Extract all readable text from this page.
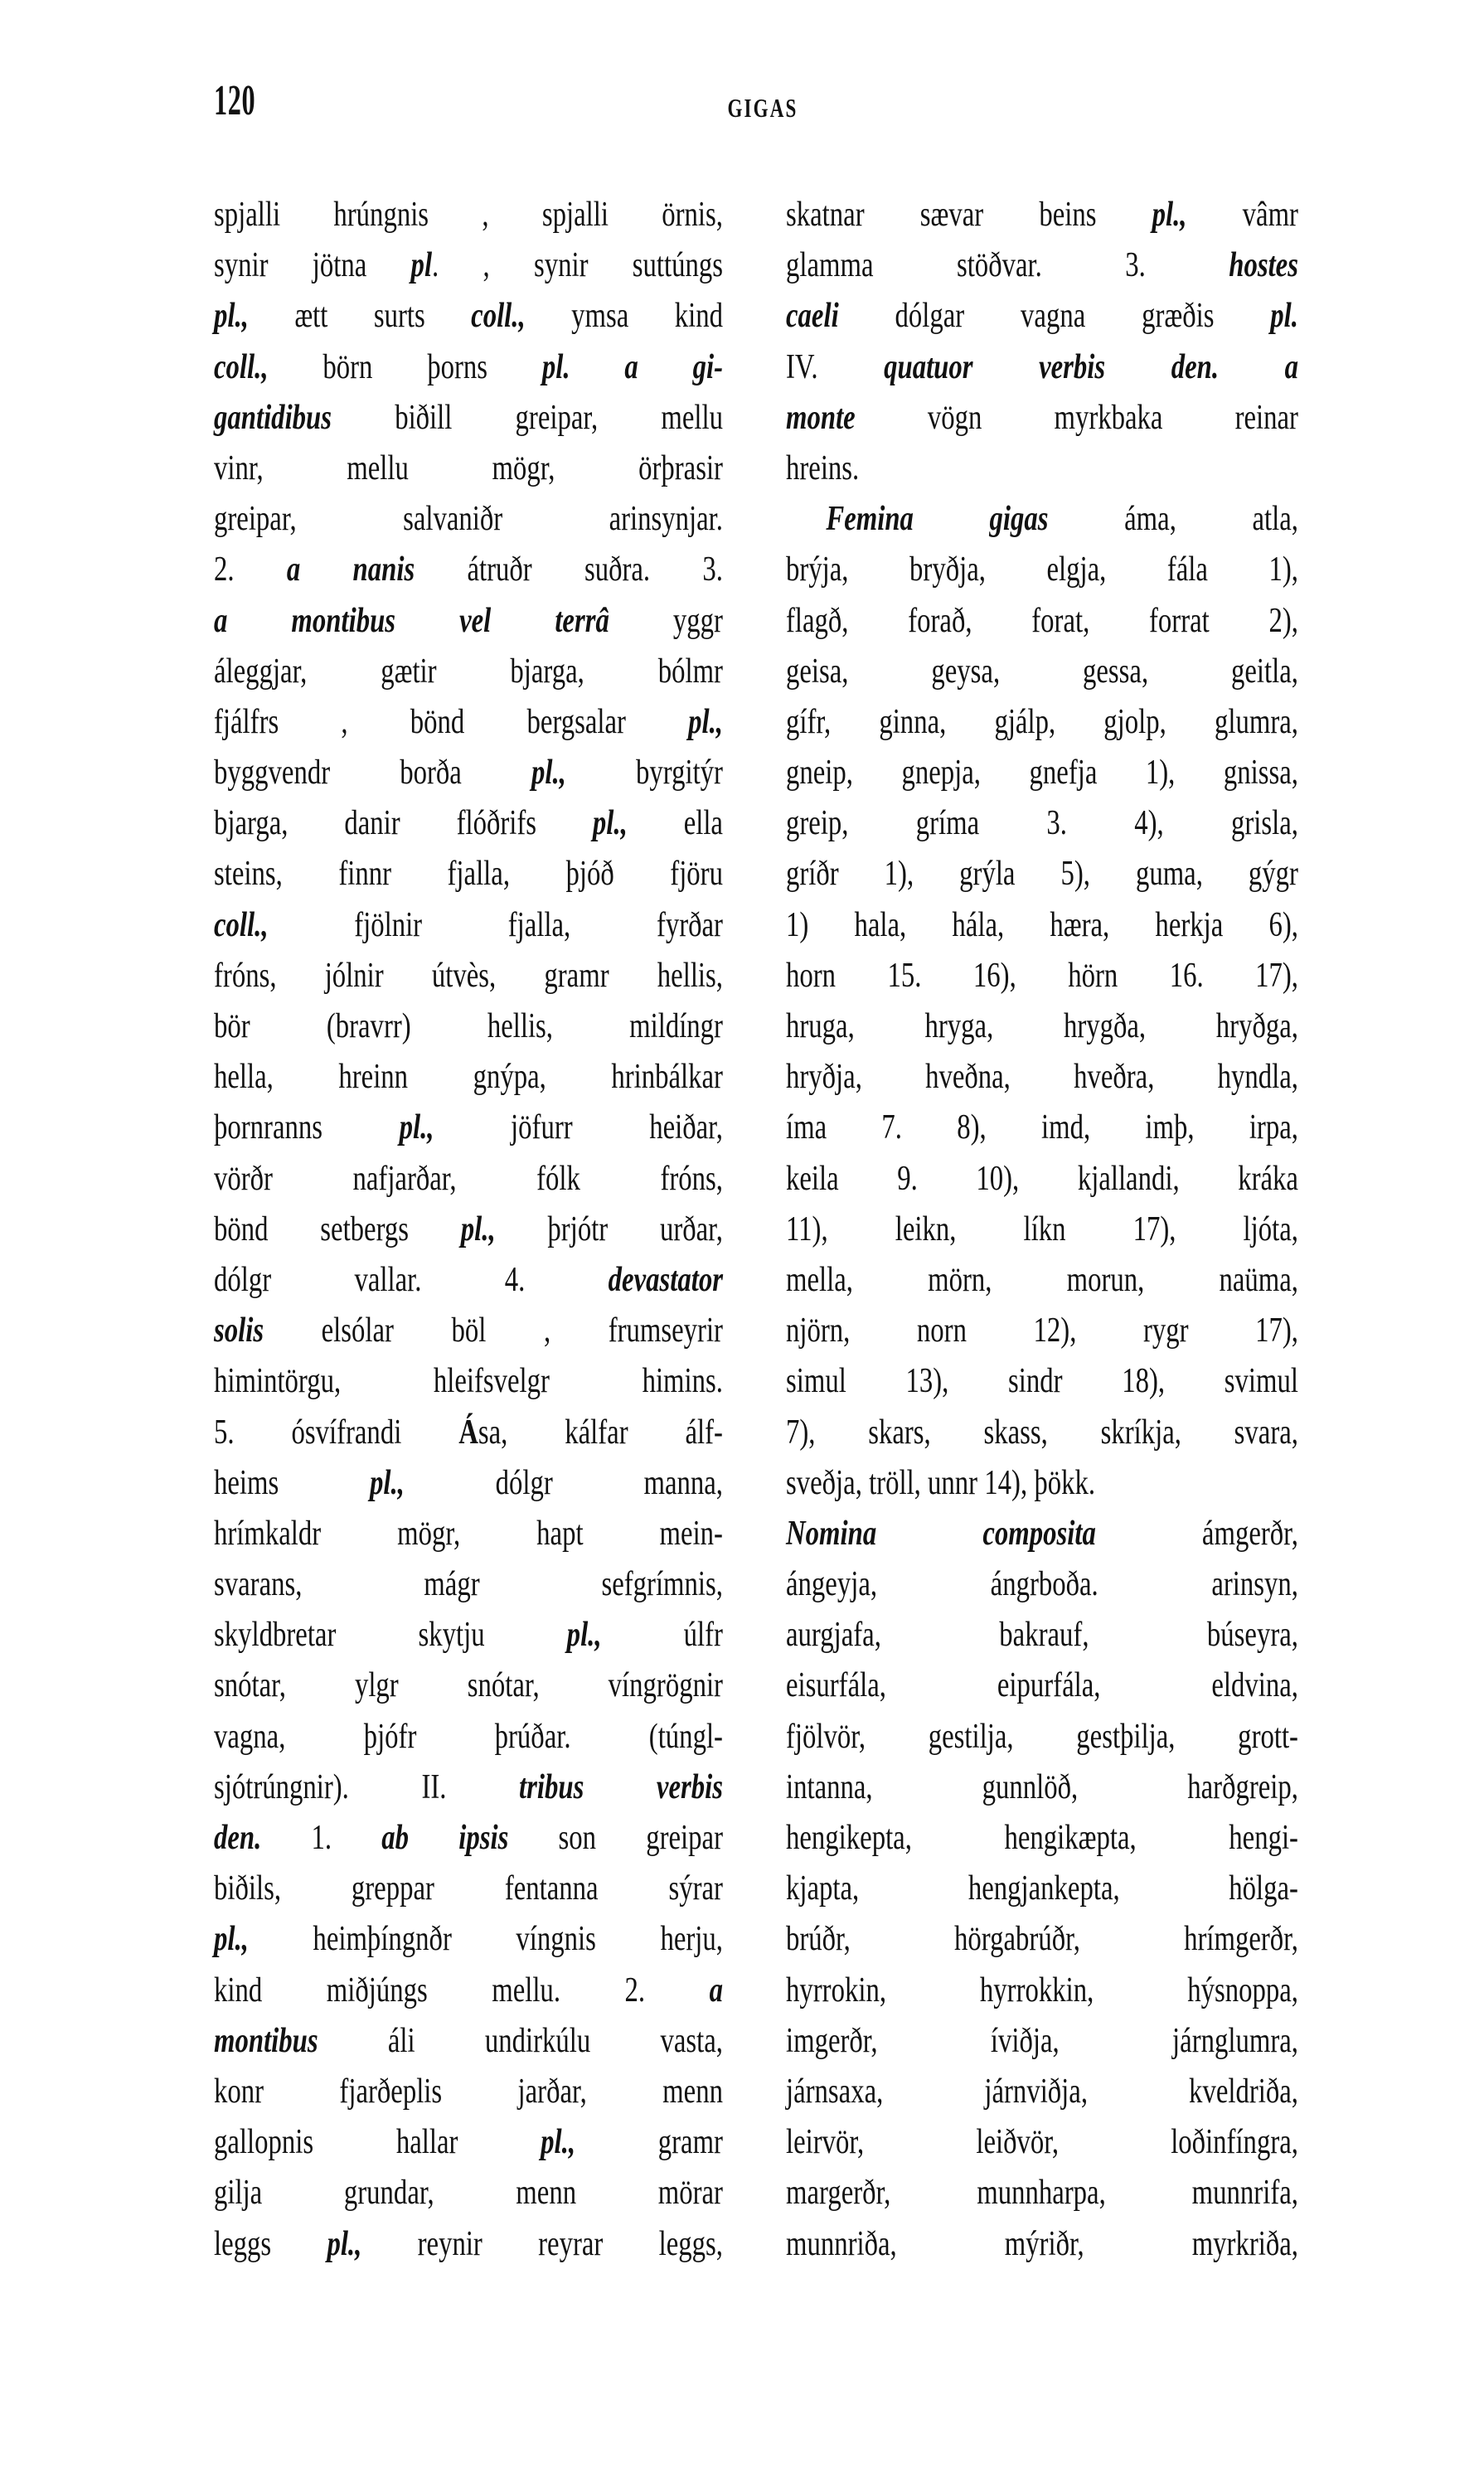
120	GIGAS
spjalli hrúngnis , spjalli örnis,
synir jötna pl. , synir suttúngs
pl., ætt surts coll., ymsa kind
coll., börn þorns pl. a gi-
gantidibus biðill greipar, mellu
vinr, mellu mögr, örþrasir
greipar, salvaniðr arinsynjar.
2. a nanis átruðr suðra. 3.
a montibus vel terrâ yggr
áleggjar, gætir bjarga, bólmr
fjálfrs , bönd bergsalar pl.,
byggvendr borða pl., byrgitýr
bjarga, danir flóðrifs pl., ella
steins, finnr fjalla, þjóð fjöru
coll., fjölnir fjalla, fyrðar
fróns, jólnir útvès, gramr hellis,
bör (bravrr) hellis, mildíngr
hella, hreinn gnýpa, hrinbálkar
þornranns pl., jöfurr heiðar,
vörðr nafjarðar, fólk fróns,
bönd setbergs pl., þrjótr urðar,
dólgr vallar. 4. devastator
solis elsólar böl , frumseyrir
himintörgu, hleifsvelgr himins.
5. ósvífrandi Ása, kálfar álf-
heims pl., dólgr manna,
hrímkaldr mögr, hapt mein-
svarans, mágr sefgrímnis,
skyldbretar skytju pl., úlfr
snótar, ylgr snótar, víngrögnir
vagna, þjófr þrúðar. (túngl-
sjótrúngnir). II. tribus verbis
den. 1. ab ipsis son greipar
biðils, greppar fentanna sýrar
pl., heimþíngnðr víngnis herju,
kind miðjúngs mellu. 2. a
montibus áli undirkúlu vasta,
konr fjarðeplis jarðar, menn
gallopnis hallar pl., gramr
gilja grundar, menn mörar
leggs pl., reynir reyrar leggs,
skatnar sævar beins pl., vâmr
glamma stöðvar. 3. hostes
caeli dólgar vagna græðis pl.
IV. quatuor verbis den. a
monte vögn myrkbaka reinar
hreins.
Femina gigas áma, atla,
brýja, bryðja, elgja, fála 1),
flagð, forað, forat, forrat 2),
geisa, geysa, gessa, geitla,
gífr, ginna, gjálp, gjolp, glumra,
gneip, gnepja, gnefja 1), gnissa,
greip, gríma 3. 4), grisla,
gríðr 1), grýla 5), guma, gýgr
1) hala, hála, hæra, herkja 6),
horn 15. 16), hörn 16. 17),
hruga, hryga, hrygða, hryðga,
hryðja, hveðna, hveðra, hyndla,
íma 7. 8), imd, imþ, irpa,
keila 9. 10), kjallandi, kráka
11), leikn, líkn 17), ljóta,
mella, mörn, morun, naüma,
njörn, norn 12), rygr 17),
simul 13), sindr 18), svimul
7), skars, skass, skríkja, svara,
sveðja, tröll, unnr 14), þökk.
Nomina composita ámgerðr,
ángeyja, ángrboða. arinsyn,
aurgjafa, bakrauf, búseyra,
eisurfála, eipurfála, eldvina,
fjölvör, gestilja, gestþilja, grott-
intanna, gunnlöð, harðgreip,
hengikepta, hengikæpta, hengi-
kjapta, hengjankepta, hölga-
brúðr, hörgabrúðr, hrímgerðr,
hyrrokin, hyrrokkin, hýsnoppa,
imgerðr, íviðja, járnglumra,
járnsaxa, járnviðja, kveldriða,
leirvör, leiðvör, loðinfíngra,
margerðr, munnharpa, munnrifa,
munnriða, mýriðr, myrkriða,
